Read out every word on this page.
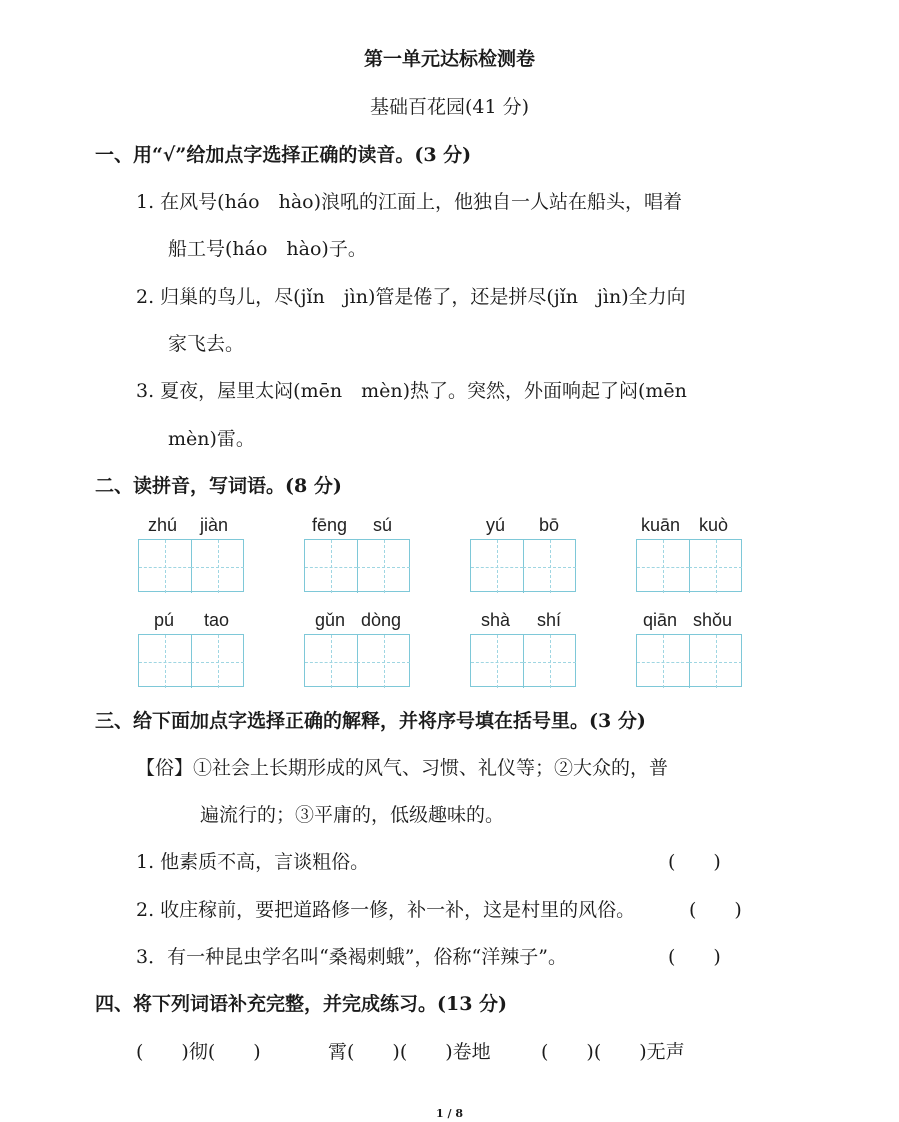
第一单元达标检测卷
基础百花园(41 分)
一、用“√”给加点字选择正确的读音。(3 分)
1. 在风号(háo　hào)浪吼的江面上，他独自一人站在船头，唱着
船工号(háo　hào)子。
2. 归巢的鸟儿，尽(jǐn　jìn)管是倦了，还是拼尽(jǐn　jìn)全力向
家飞去。
3. 夏夜，屋里太闷(mēn　mèn)热了。突然，外面响起了闷(mēn
mèn)雷。
二、读拼音，写词语。(8 分)
zhú jiàn	fēng sú	yú bō	kuān kuò
pú tao	gǔn dòng	shà shí	qiān shǒu
三、给下面加点字选择正确的解释，并将序号填在括号里。(3 分)
【俗】①社会上长期形成的风气、习惯、礼仪等；②大众的，普
遍流行的；③平庸的，低级趣味的。
1. 他素质不高，言谈粗俗。	(　　)
2. 收庄稼前，要把道路修一修，补一补，这是村里的风俗。	(　　)
3．有一种昆虫学名叫“桑褐刺蛾”，俗称“洋辣子”。	(　　)
四、将下列词语补充完整，并完成练习。(13 分)
(　　)彻(　　)	霄(　　)(　　)卷地	(　　)(　　)无声
1 / 8
